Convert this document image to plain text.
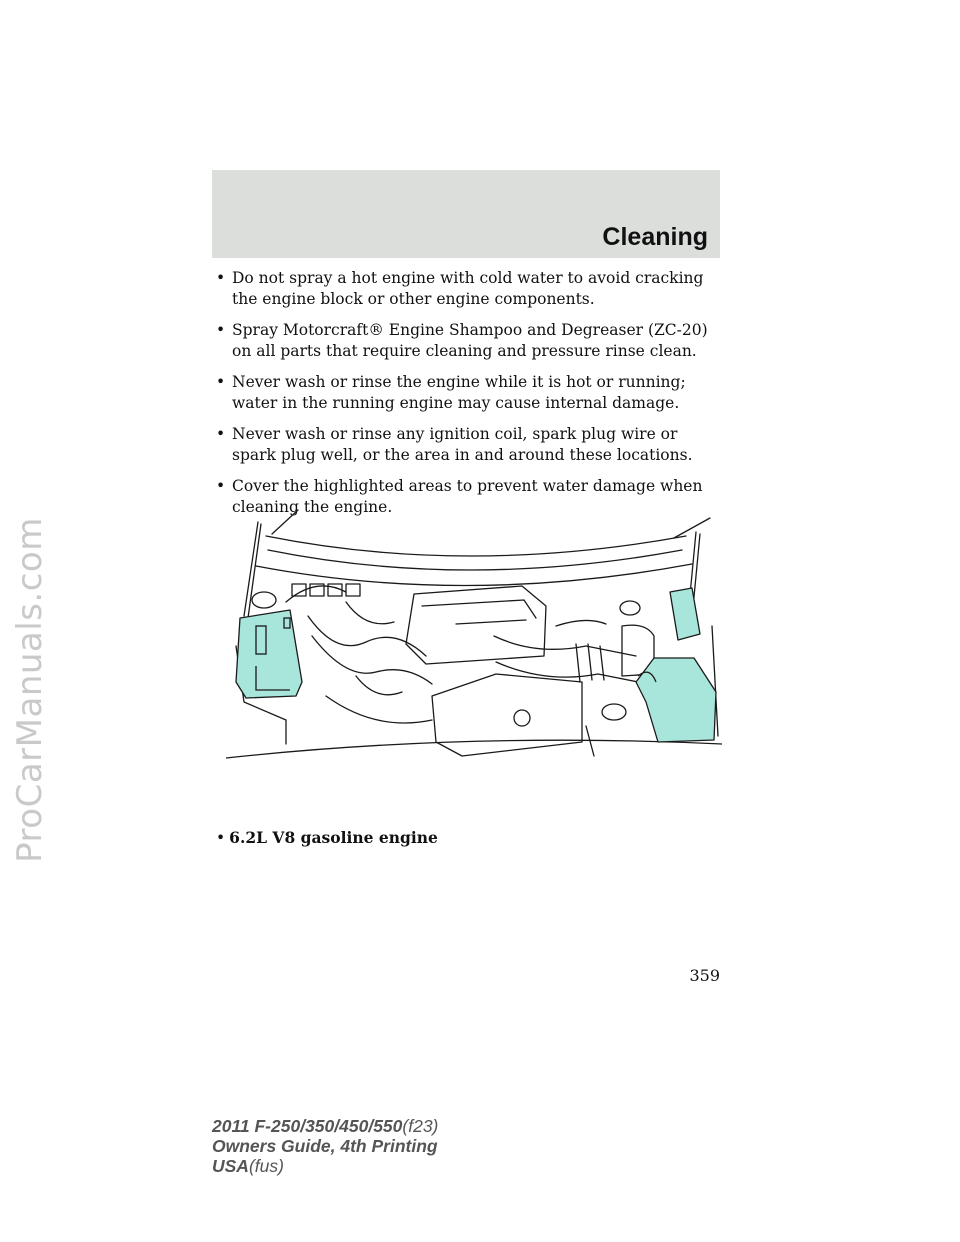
ProCarManuals.com
Cleaning
• Do not spray a hot engine with cold water to avoid cracking the engine block or other engine components.
• Spray Motorcraft® Engine Shampoo and Degreaser (ZC-20) on all parts that require cleaning and pressure rinse clean.
• Never wash or rinse the engine while it is hot or running; water in the running engine may cause internal damage.
• Never wash or rinse any ignition coil, spark plug wire or spark plug well, or the area in and around these locations.
• Cover the highlighted areas to prevent water damage when cleaning the engine.
• 6.2L V8 gasoline engine
359
2011 F-250/350/450/550(f23)
Owners Guide, 4th Printing
USA(fus)
